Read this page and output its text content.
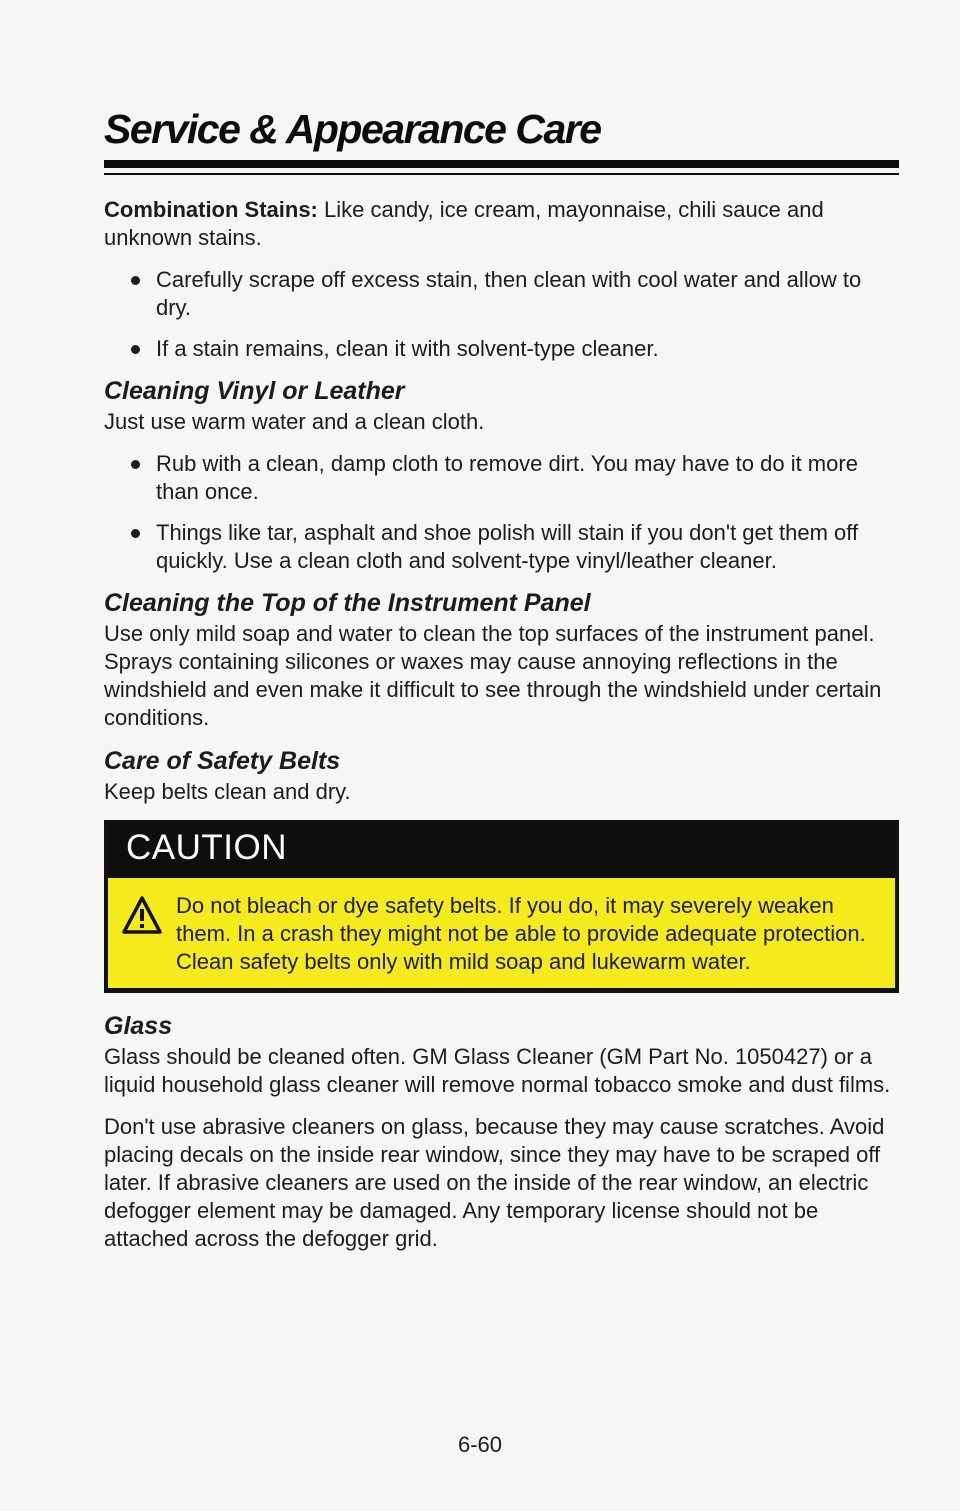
Service & Appearance Care

Combination Stains: Like candy, ice cream, mayonnaise, chili sauce and unknown stains.

Carefully scrape off excess stain, then clean with cool water and allow to dry.
If a stain remains, clean it with solvent-type cleaner.
Cleaning Vinyl or Leather

Just use warm water and a clean cloth.

Rub with a clean, damp cloth to remove dirt. You may have to do it more than once.
Things like tar, asphalt and shoe polish will stain if you don't get them off quickly. Use a clean cloth and solvent-type vinyl/leather cleaner.
Cleaning the Top of the Instrument Panel

Use only mild soap and water to clean the top surfaces of the instrument panel. Sprays containing silicones or waxes may cause annoying reflections in the windshield and even make it difficult to see through the windshield under certain conditions.

Care of Safety Belts

Keep belts clean and dry.

CAUTION
Do not bleach or dye safety belts. If you do, it may severely weaken them. In a crash they might not be able to provide adequate protection. Clean safety belts only with mild soap and lukewarm water.
Glass

Glass should be cleaned often. GM Glass Cleaner (GM Part No. 1050427) or a liquid household glass cleaner will remove normal tobacco smoke and dust films.

Don't use abrasive cleaners on glass, because they may cause scratches. Avoid placing decals on the inside rear window, since they may have to be scraped off later. If abrasive cleaners are used on the inside of the rear window, an electric defogger element may be damaged. Any temporary license should not be attached across the defogger grid.

6-60
